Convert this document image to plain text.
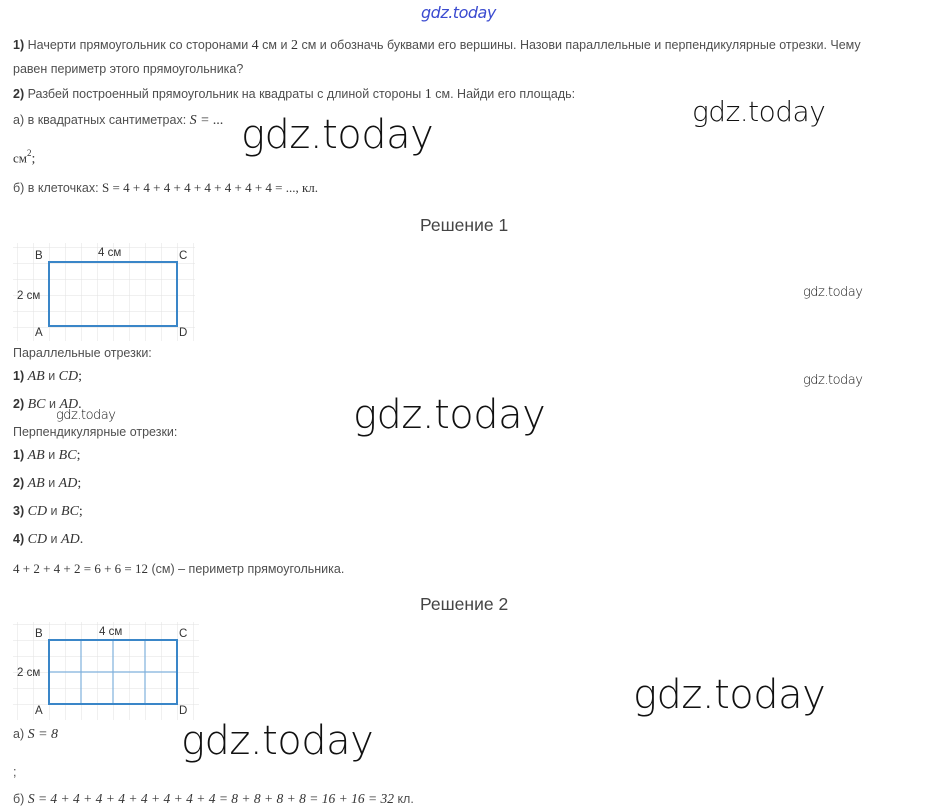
gdz.today
1) Начерти прямоугольник со сторонами 4 см и 2 см и обозначь буквами его вершины. Назови параллельные и перпендикулярные отрезки. Чему
равен периметр этого прямоугольника?
2) Разбей построенный прямоугольник на квадраты с длиной стороны 1 см. Найди его площадь:
а) в квадратных сантиметрах: S = ...
$см^2$;
б) в клеточках: S = 4 + 4 + 4 + 4 + 4 + 4 + 4 + 4 = ..., кл.
Решение 1
4 см
2 см
B	C
A	D
Параллельные отрезки:
1) AB и CD;
2) BC и AD.
Перпендикулярные отрезки:
1) AB и BC;
2) AB и AD;
3) CD и BC;
4) CD и AD.
4 + 2 + 4 + 2 = 6 + 6 = 12 (см) – периметр прямоугольника.
Решение 2
4 см
2 см
B	C
A	D
а) S = 8
;
б) S = 4 + 4 + 4 + 4 + 4 + 4 + 4 + 4 = 8 + 8 + 8 + 8 = 16 + 16 = 32 кл.
gdz.today
gdz.today
gdz.today
gdz.today
gdz.today	gdz.today
gdz.today
gdz.today
